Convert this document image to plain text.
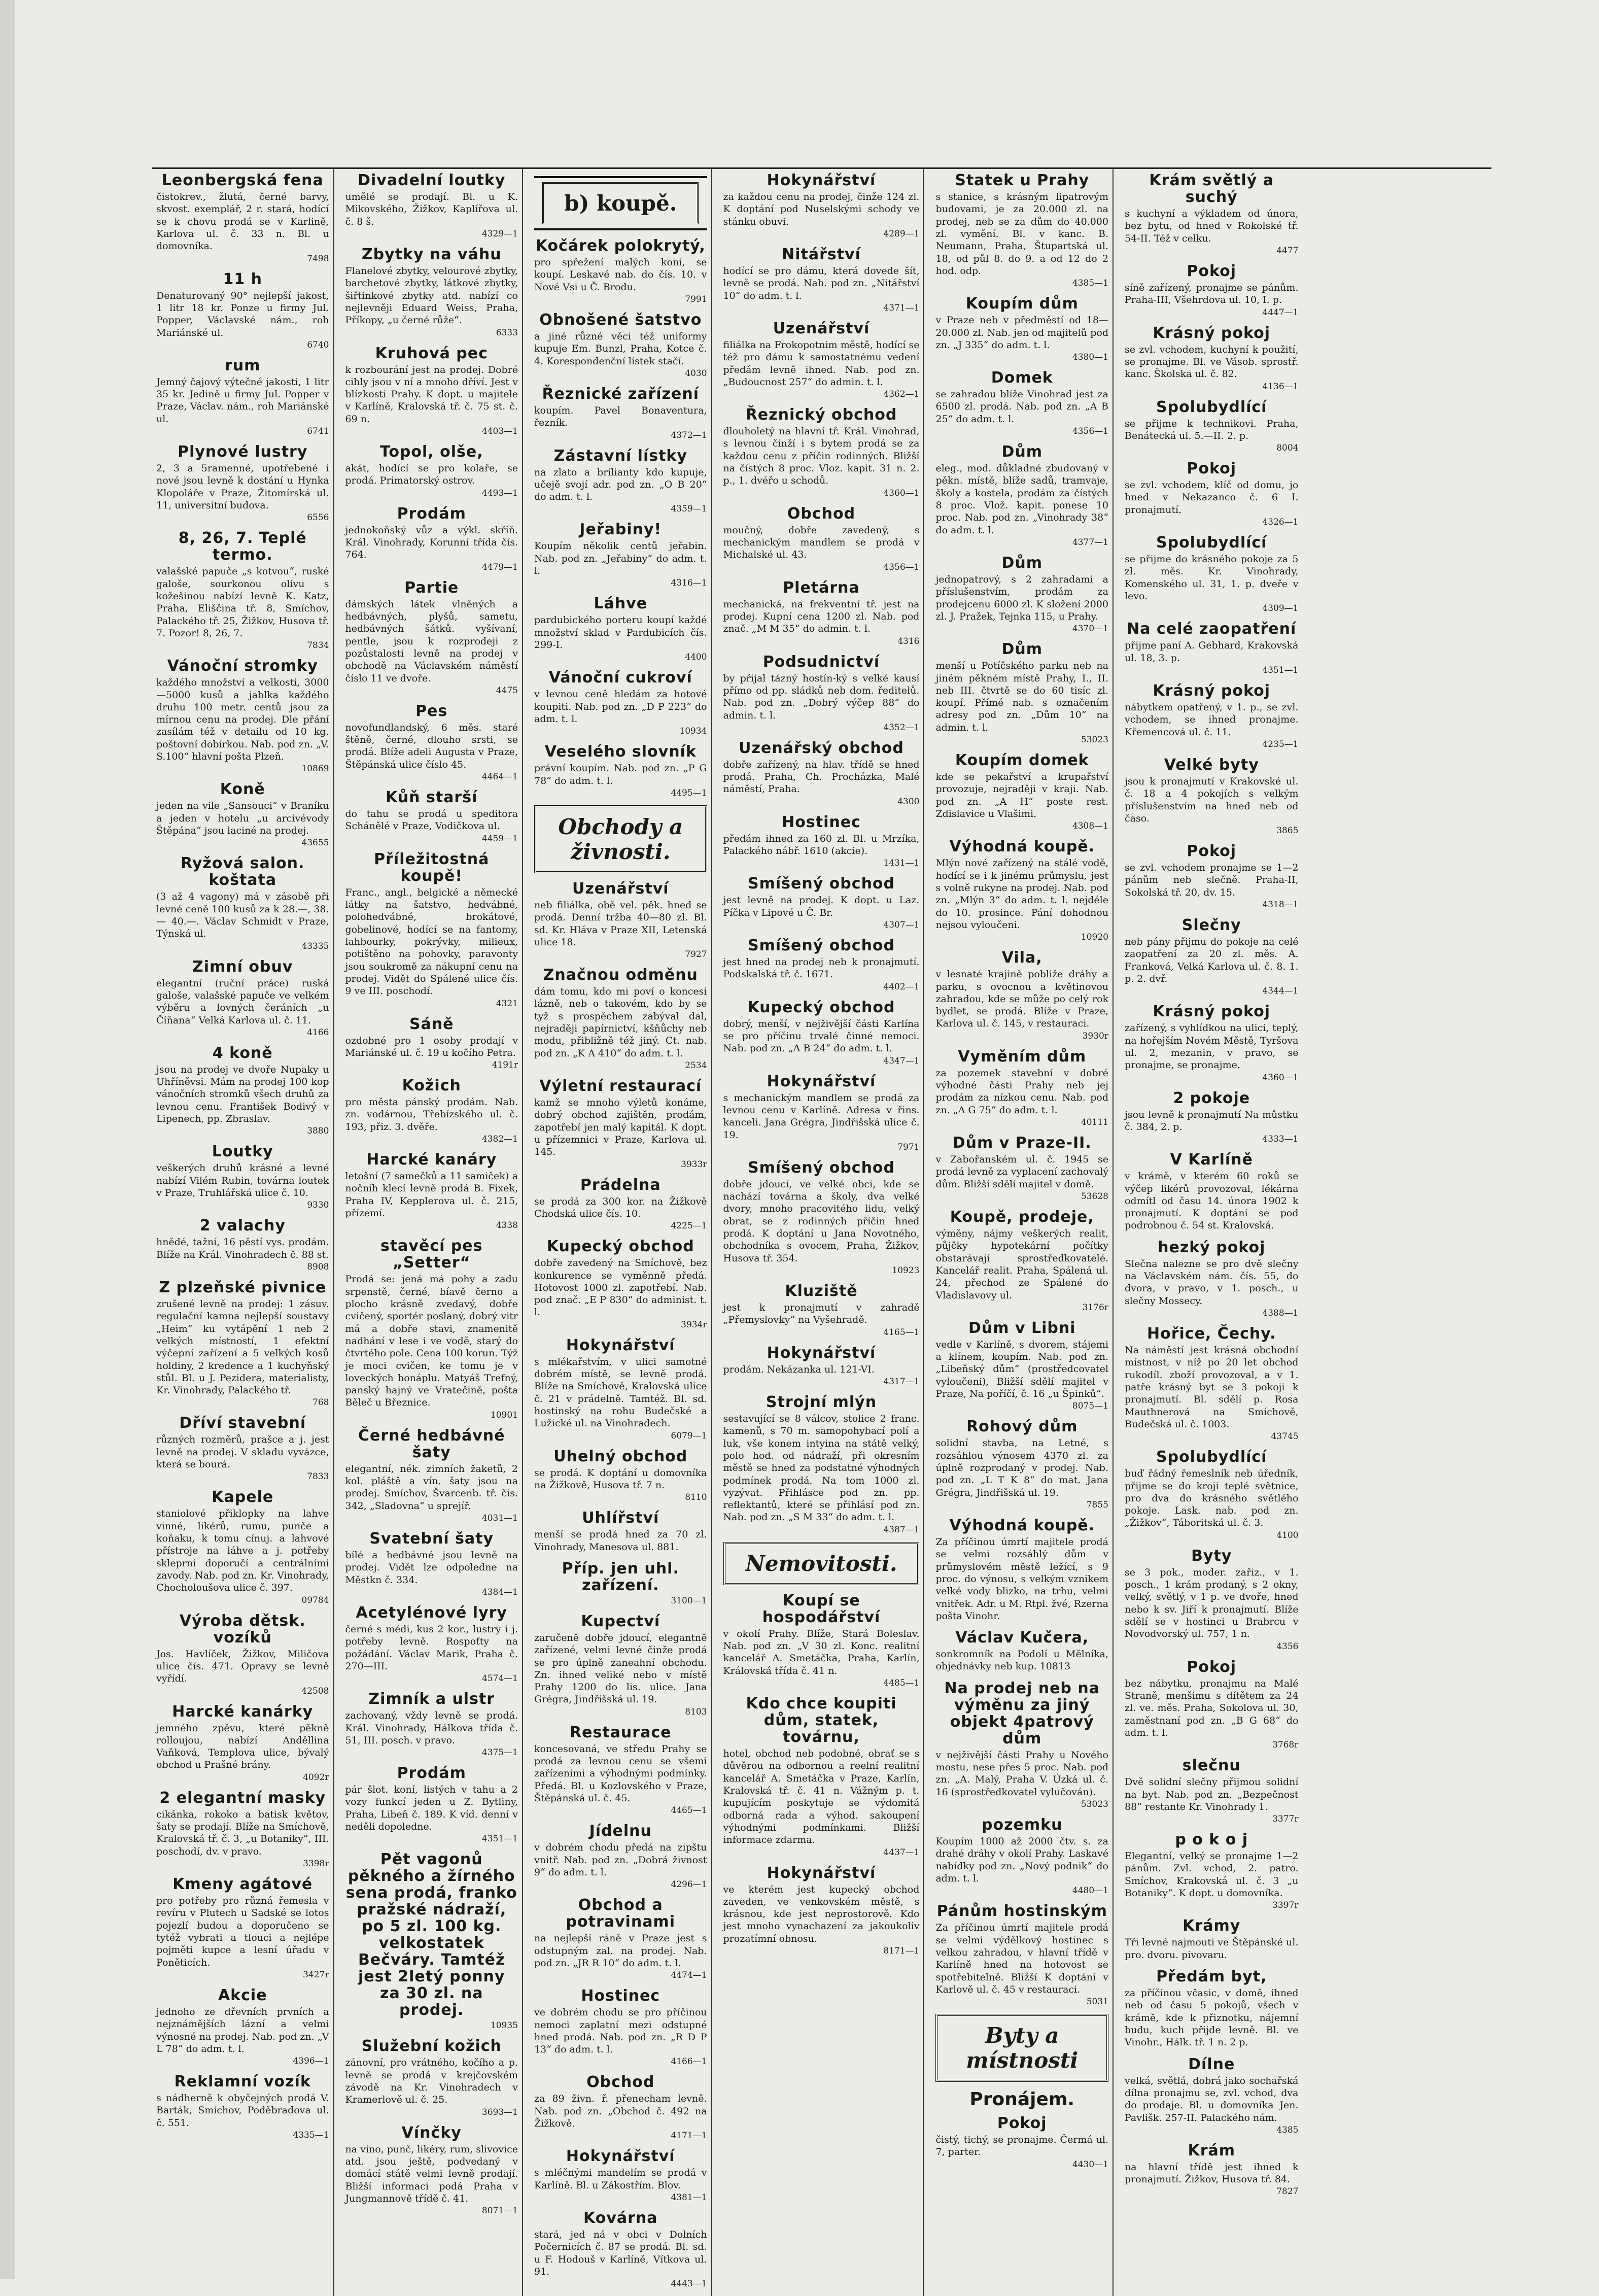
Leonbergská fena

čistokrev., žlutá, černé barvy, skvost. exemplář, 2 r. stará, hodící se k chovu prodá se v Karlině, Karlova ul. č. 33 n. Bl. u domovníka.

7498
11 h

Denaturovaný 90° nejlepší jakost, 1 litr 18 kr. Ponze u firmy Jul. Popper, Václavské nám., roh Mariánské ul.

6740
rum

Jemný čajový výtečné jakosti, 1 litr 35 kr. Jedině u firmy Jul. Popper v Praze, Václav. nám., roh Mariánské ul.

6741
Plynové lustry

2, 3 a 5ramenné, upotřebené i nové jsou levně k dostání u Hynka Klopoláře v Praze, Žitomírská ul. 11, universitní budova.

6556
8, 26, 7. Teplé termo.

valašské papuče „s kotvou“, ruské galoše, sourkonou olivu s kožešinou nabízí levně K. Katz, Praha, Eliščina tř. 8, Smíchov, Palackého tř. 25, Žižkov, Husova tř. 7. Pozor! 8, 26, 7.

7834
Vánoční stromky

každého množství a velkosti, 3000—5000 kusů a jablka každého druhu 100 metr. centů jsou za mírnou cenu na prodej. Dle přání zasílám též v detailu od 10 kg. poštovní dobírkou. Nab. pod zn. „V. S.100“ hlavní pošta Plzeň.

10869
Koně

jeden na vile „Sansouci“ v Braníku a jeden v hotelu „u arcivévody Štěpána“ jsou laciné na prodej.

43655
Ryžová salon. koštata

(3 až 4 vagony) má v zásobě při levné ceně 100 kusů za k 28.—, 38.— 40.—. Václav Schmidt v Praze, Týnská ul.

43335
Zimní obuv

elegantní (ruční práce) ruská galoše, valašské papuče ve velkém výběru a lovných čeráních „u Číňana“ Velká Karlova ul. č. 11.

4166
4 koně

jsou na prodej ve dvoře Nupaky u Uhříněvsi. Mám na prodej 100 kop vánočních stromků všech druhů za levnou cenu. František Bodivý v Lipenech, pp. Zbraslav.

3880
Loutky

veškerých druhů krásné a levné nabízí Vilém Rubin, továrna loutek v Praze, Truhlářská ulice č. 10.

9330
2 valachy

hnědé, tažní, 16 pěstí vys. prodám. Blíže na Král. Vinohradech č. 88 st.

8908
Z plzeňské pivnice

zrušené levně na prodej: 1 zásuv. regulační kamna nejlepší soustavy „Heim“ ku vytápění 1 neb 2 velkých místností, 1 efektní výčepní zařízení a 5 velkých kosů holdiny, 2 kredence a 1 kuchyňský stůl. Bl. u J. Pezidera, materialisty, Kr. Vinohrady, Palackého tř.

768
Dříví stavební

různých rozměrů, prašce a j. jest levně na prodej. V skladu vyvázce, která se bourá.

7833
Kapele

staniolové přiklopky na lahve vinné, likérů, rumu, punče a koňaku, k tomu cínuj. a lahvové přístroje na láhve a j. potřeby skleprní doporučí a centrálními zavody. Nab. pod zn. Kr. Vinohrady, Chocholoušova ulice č. 397.

09784
Výroba dětsk. vozíků

Jos. Havlíček, Žižkov, Miličova ulice čís. 471. Opravy se levně vyřídí.

42508
Harcké kanárky

jemného zpěvu, které pěkně rolloujou, nabízí Anděllina Vaňková, Templova ulice, bývalý obchod u Prašné brány.

4092r
2 elegantní masky

cikánka, rokoko a batisk květov, šaty se prodají. Blíže na Smíchově, Kralovská tř. č. 3, „u Botaniky“, III. poschodí, dv. v pravo.

3398r
Kmeny agátové

pro potřeby pro různá řemesla v revíru v Plutech u Sadské se lotos pojezlí budou a doporučeno se tytéž vybrati a tlouci a nejlépe pojměti kupce a lesní úřadu v Poněticích.

3427r
Akcie

jednoho ze dřevních prvních a nejznámějších lázní a velmi výnosné na prodej. Nab. pod zn. „V L 78“ do adm. t. l.

4396—1
Reklamní vozík

s nádherně k obyčejných prodá V. Barták, Smíchov, Poděbradova ul. č. 551.

4335—1
Divadelní loutky

umělé se prodají. Bl. u K. Mikovského, Žižkov, Kaplířova ul. č. 8 š.

4329—1
Zbytky na váhu

Flanelové zbytky, velourové zbytky, barchetové zbytky, látkové zbytky, šiřtinkové zbytky atd. nabízí co nejlevněji Eduard Weiss, Praha, Příkopy, „u černé růže“.

6333
Kruhová pec

k rozbourání jest na prodej. Dobré cihly jsou v ní a mnoho dříví. Jest v blízkosti Prahy. K dopt. u majitele v Karlíně, Kralovská tř. č. 75 st. č. 69 n.

4403—1
Topol, olše,

akát, hodící se pro kolaře, se prodá. Primatorský ostrov.

4493—1
Prodám

jednokoňský vůz a výkl. skříň. Král. Vinohrady, Korunní třída čís. 764.

4479—1
Partie

dámských látek vlněných a hedbávných, plyšů, sametu, hedbávných šátků. vyšívaní, pentle, jsou k rozprodeji z pozůstalosti levně na prodej v obchodě na Václavském náměstí číslo 11 ve dvoře.

4475
Pes

novofundlandský, 6 měs. staré štěně, černé, dlouho srsti, se prodá. Blíže adeli Augusta v Praze, Štěpánská ulice číslo 45.

4464—1
Kůň starší

do tahu se prodá u speditora Schánělé v Praze, Vodičkova ul.

4459—1
Příležitostná koupě!

Franc., angl., belgické a německé látky na šatstvo, hedvábné, polohedvábné, brokátové, gobelinové, hodící se na fantomy, lahbourky, pokrývky, milieux, potištěno na pohovky, paravonty jsou soukromě za nákupní cenu na prodej. Vidět do Spálené ulice čís. 9 ve III. poschodí.

4321
Sáně

ozdobné pro 1 osoby prodají v Mariánské ul. č. 19 u kočího Petra.

4191r
Kožich

pro města pánský prodám. Nab. zn. vodárnou, Třebízského ul. č. 193, přiz. 3. dvěře.

4382—1
Harcké kanáry

letošní (7 samečků a 11 samiček) a nočníh klecí levně prodá B. Fixek, Praha IV, Kepplerova ul. č. 215, přízemí.

4338
stavěcí pes „Setter“

Prodá se: jená má pohy a zadu srpenstě, černé, bíavě černo a plocho krásně zvedavý, dobře cvičený, sportér poslaný, dobrý vitr má a dobře stavi, znamenitě nadhání v lese i ve vodě, starý do čtvrtého pole. Cena 100 korun. Týž je moci cvičen, ke tomu je v loveckých honáplu. Matyáš Trefný, panský hajný ve Vratečině, pošta Běleč u Březnice.

10901
Černé hedbávné šaty

elegantní, nék. zimních žaketů, 2 kol. pláště a vín. šaty jsou na prodej. Smíchov, Švarcenb. tř. čís. 342, „Sladovna“ u sprejíř.

4031—1
Svatební šaty

bílé a hedbávné jsou levně na prodej. Vidět lze odpoledne na Městkn č. 334.

4384—1
Acetylénové lyry

černé s médi, kus 2 kor., lustry i j. potřeby levně. Rospoťty na požádání. Václav Marik, Praha č. 270—III.

4574—1
Zimník a ulstr

zachovaný, vždy levně se prodá. Král. Vinohrady, Hálkova třída č. 51, III. posch. v pravo.

4375—1
Prodám

pár šlot. koní, listých v tahu a 2 vozy funkcí jeden u Z. Bytliny, Praha, Libeň č. 189. K víd. denní v neděli dopoledne.

4351—1
Pět vagonů pěkného a žírného sena prodá, franko pražské nádraží, po 5 zl. 100 kg. velkostatek Bečváry. Tamtéž jest 2letý ponny za 30 zl. na prodej.
10935
Služební kožich

zánovní, pro vrátného, kočího a p. levně se prodá v krejčovském závodě na Kr. Vinohradech v Kramerlově ul. č. 25.

3693—1
Vínčky

na víno, punč, likéry, rum, slivovice atd. jsou ještě, podvedaný v domácí státě velmi levně prodají. Bližší informaci podá Praha v Jungmannově třídě č. 41.

8071—1
b) koupě.
Kočárek polokrytý,

pro spřežení malých koní, se koupí. Leskavé nab. do čís. 10. v Nové Vsi u Č. Brodu.

7991
Obnošené šatstvo

a jiné různé věci též uniformy kupuje Em. Bunzl, Praha, Kotce č. 4. Korespondenční lístek stačí.

4030
Řeznické zařízení

koupím. Pavel Bonaventura, řezník.

4372—1
Zástavní lístky

na zlato a brilianty kdo kupuje, učejě svojí adr. pod zn. „O B 20“ do adm. t. l.

4359—1
Jeřabiny!

Koupím několik centů jeřabin. Nab. pod zn. „Jeřabiny“ do adm. t. l.

4316—1
Láhve

pardubického porteru koupí každé množství sklad v Pardubicích čís. 299-I.

4400
Vánoční cukroví

v levnou ceně hledám za hotové koupiti. Nab. pod zn. „D P 223“ do adm. t. l.

10934
Veselého slovník

právní koupím. Nab. pod zn. „P G 78“ do adm. t. l.

4495—1
Obchody a živnosti.
Uzenářství

neb filiálka, obě vel. pěk. hned se prodá. Denní tržba 40—80 zl. Bl. sd. Kr. Hláva v Praze XII, Letenská ulice 18.

7927
Značnou odměnu

dám tomu, kdo mi poví o koncesi lázně, neb o takovém, kdo by se tyž s prospěchem zabýval dal, nejraději papírnictví, kšňůchy neb modu, přibližně též jiný. Ct. nab. pod zn. „K A 410“ do adm. t. l.

2534
Výletní restaurací

kamž se mnoho výletů konáme, dobrý obchod zajištěn, prodám, zapotřebí jen malý kapitál. K dopt. u přízemnici v Praze, Karlova ul. 145.

3933r
Prádelna

se prodá za 300 kor. na Žižkově Chodská ulice čís. 10.

4225—1
Kupecký obchod

dobře zavedený na Smíchově, bez konkurence se vyměnně předá. Hotovost 1000 zl. zapotřebí. Nab. pod znač. „E P 830“ do administ. t. l.

3934r
Hokynářství

s mlékařstvím, v ulici samotné dobrém místě, se levně prodá. Blíže na Smíchově, Kralovská ulice č. 21 v prádelně. Tamtéž. Bl. sd. hostinský na rohu Budečské a Lužické ul. na Vinohradech.

6079—1
Uhelný obchod

se prodá. K doptání u domovníka na Žižkově, Husova tř. 7 n.

8110
Uhlířství

menší se prodá hned za 70 zl. Vinohrady, Manesova ul. 881.

Příp. jen uhl. zařízení.
3100—1
Kupectví

zaručeně dobře jdoucí, elegantně zařízené, velmi levné činže prodá se pro úplně zaneahní obchodu. Zn. ihned veliké nebo v místě Prahy 1200 do lis. ulice. Jana Grégra, Jindřišská ul. 19.

8103
Restaurace

koncesovaná, ve středu Prahy se prodá za levnou cenu se všemi zařízeními a výhodnými podmínky. Předá. Bl. u Kozlovského v Praze, Štěpánská ul. č. 45.

4465—1
Jídelnu

v dobrém chodu předá na zipštu vnitř. Nab. pod zn. „Dobrá živnost 9“ do adm. t. l.

4296—1
Obchod a potravinami

na nejlepší ráně v Praze jest s odstupným zal. na prodej. Nab. pod zn. „JR R 10“ do adm. t. l.

4474—1
Hostinec

ve dobrém chodu se pro příčinou nemoci zaplatní mezi odstupné hned prodá. Nab. pod zn. „R D P 13“ do adm. t. l.

4166—1
Obchod

za 89 živn. ř. přenecham levně. Nab. pod zn. „Obchod č. 492 na Žižkově.

4171—1
Hokynářství

s mléčnými mandelím se prodá v Karlíně. Bl. u Zákostřím. Blov.

4381—1
Kovárna

stará, jed ná v obci v Dolních Počernicích č. 87 se prodá. Bl. sd. u F. Hodouš v Karlíně, Vítkova ul. 91.

4443—1
Hokynářství

za každou cenu na prodej, činže 124 zl. K doptání pod Nuselskými schody ve stánku obuvi.

4289—1
Nitářství

hodící se pro dámu, která dovede šít, levně se prodá. Nab. pod zn. „Nitářství 10“ do adm. t. l.

4371—1
Uzenářství

filiálka na Frokopotnim městě, hodící se též pro dámu k samostatnému vedení předám levně ihned. Nab. pod zn. „Budoucnost 257“ do admin. t. l.

4362—1
Řeznický obchod

dlouholetý na hlavní tř. Král. Vinohrad, s levnou činží i s bytem prodá se za každou cenu z příčin rodinných. Bližší na čístých 8 proc. Vloz. kapit. 31 n. 2. p., 1. dvéřo u schodů.

4360—1
Obchod

moučný, dobře zavedený, s mechanickým mandlem se prodá v Michalské ul. 43.

4356—1
Pletárna

mechanická, na frekventní tř. jest na prodej. Kupní cena 1200 zl. Nab. pod znač. „M M 35“ do admin. t. l.

4316
Podsudnictví

by přijal tázný hostín-ký s velké kausí přímo od pp. sládků neb dom. ředitelů. Nab. pod zn. „Dobrý výčep 88“ do admin. t. l.

4352—1
Uzenářský obchod

dobře zařízený, na hlav. třídě se hned prodá. Praha, Ch. Procházka, Malé náměstí, Praha.

4300
Hostinec

předám ihned za 160 zl. Bl. u Mrzíka, Palackého nábř. 1610 (akcie).

1431—1
Smíšený obchod

jest levně na prodej. K dopt. u Laz. Píčka v Lipové u Č. Br.

4307—1
Smíšený obchod

jest hned na prodej neb k pronajmutí. Podskalská tř. č. 1671.

4402—1
Kupecký obchod

dobrý, menší, v nejživější části Karlína se pro příčinu trvalé činné nemoci. Nab. pod zn. „A B 24“ do adm. t. l.

4347—1
Hokynářství

s mechanickým mandlem se prodá za levnou cenu v Karlíně. Adresa v řins. kanceli. Jana Grégra, Jindřišská ulice č. 19.

7971
Smíšený obchod

dobře jdoucí, ve velké obci, kde se nachází továrna a školy, dva velké dvory, mnoho pracovitého lidu, velký obrat, se z rodinných příčin hned prodá. K doptání u Jana Novotného, obchodníka s ovocem, Praha, Žižkov, Husova tř. 354.

10923
Kluziště

jest k pronajmutí v zahradě „Přemyslovky“ na Vyšehradě.

4165—1
Hokynářství

prodám. Nekázanka ul. 121-VI.

4317—1
Strojní mlýn

sestavující se 8 válcov, stolice 2 franc. kamenů, s 70 m. samopohybací polí a luk, vše konem intyina na státě velký, polo hod. od nádraží, při okresním městě se hned za podstatné výhodných podmínek prodá. Na tom 1000 zl. vyzývat. Přihlásce pod zn. pp. reflektantů, které se přihlásí pod zn. Nab. pod zn. „S M 33“ do adm. t. l.

4387—1
Nemovitosti.
Koupí se hospodářství

v okolí Prahy. Blíže, Stará Boleslav. Nab. pod zn. „V 30 zl. Konc. realitní kancelář A. Smetáčka, Praha, Karlín, Královská třída č. 41 n.

4485—1
Kdo chce koupiti dům, statek, továrnu,

hotel, obchod neb podobné, obrať se s důvěrou na odbornou a reelní realitní kancelář A. Smetáčka v Praze, Karlín, Kralovská tř. č. 41 n. Vážným p. t. kupujícím poskytuje se výdomitá odborná rada a výhod. sakoupení výhodnými podmínkami. Bližší informace zdarma.

4437—1
Hokynářství

ve kterém jest kupecký obchod zaveden, ve venkovském městě, s krásnou, kde jest neprostorově. Kdo jest mnoho vynachazení za jakoukoliv prozatímní obnosu.

8171—1
Statek u Prahy

s stanice, s krásným lipatrovým budovami, je za 20.000 zl. na prodej, neb se za dům do 40.000 zl. vymění. Bl. v kanc. B. Neumann, Praha, Štupartská ul. 18, od půl 8. do 9. a od 12 do 2 hod. odp.

4385—1
Koupím dům

v Praze neb v předměstí od 18—20.000 zl. Nab. jen od majitelů pod zn. „J 335“ do adm. t. l.

4380—1
Domek

se zahradou blíže Vinohrad jest za 6500 zl. prodá. Nab. pod zn. „A B 25“ do adm. t. l.

4356—1
Dům

eleg., mod. důkladné zbudovaný v pěkn. místě, blíže sadů, tramvaje, školy a kostela, prodám za čístých 8 proc. Vlož. kapit. ponese 10 proc. Nab. pod zn. „Vinohrady 38“ do adm. t. l.

4377—1
Dům

jednopatrový, s 2 zahradami a příslušenstvím, prodám za prodejcenu 6000 zl. K složení 2000 zl. J. Pražek, Tejnka 115, u Prahy.

4370—1
Dům

menší u Potíčského parku neb na jiném pěkném místě Prahy, I., II. neb III. čtvrtě se do 60 tisíc zl. koupí. Přímé nab. s označením adresy pod zn. „Dům 10“ na admin. t. l.

53023
Koupím domek

kde se pekařství a krupařství provozuje, nejraději v kraji. Nab. pod zn. „A H“ poste rest. Zdislavice u Vlašimi.

4308—1
Výhodná koupě.

Mlýn nové zařízený na stálé vodě, hodící se i k jinému průmyslu, jest s volně rukyne na prodej. Nab. pod zn. „Mlýn 3“ do adm. t. l. nejdéle do 10. prosince. Pání dohodnou nejsou vyloučeni.

10920
Vila,

v lesnaté krajině pobliže dráhy a parku, s ovocnou a květinovou zahradou, kde se může po celý rok bydlet, se prodá. Blíže v Praze, Karlova ul. č. 145, v restauraci.

3930r
Vyměním dům

za pozemek stavební v dobré výhodné části Prahy neb jej prodám za nízkou cenu. Nab. pod zn. „A G 75“ do adm. t. l.

40111
Dům v Praze-II.

v Zabořanském ul. č. 1945 se prodá levně za vyplacení zachovalý dům. Bližší sdělí majitel v domě.

53628
Koupě, prodeje,

výměny, nájmy veškerých realit, půjčky hypotekární počítky obstarávají sprostředkovatelé. Kancelář realit. Praha, Spálená ul. 24, přechod ze Spálené do Vladislavovy ul.

3176r
Dům v Libni

vedle v Karlíně, s dvorem, stájemi a klínem, koupím. Nab. pod zn. „Libeňský dům“ (prostředcovatel vyloučeni), Bližší sdělí majitel v Praze, Na poříčí, č. 16 „u Špinků“.

8075—1
Rohový dům

solidní stavba, na Letné, s rozsáhlou výnosem 4370 zl. za úplně rozprodaný v prodej. Nab. pod zn. „L T K 8“ do mat. Jana Grégra, Jindřišská ul. 19.

7855
Výhodná koupě.

Za příčinou úmrtí majitele prodá se velmi rozsáhlý dům v průmyslovém městě ležící, s 9 proc. do výnosu, s velkým vznikem velké vody blizko, na trhu, velmi vnitřek. Adr. u M. Rtpl. žvé, Rzerna pošta Vinohr.

Václav Kučera,

sonkromník na Podolí u Mělníka, objednávky neb kup. 10813

Na prodej neb na výměnu za jiný objekt 4patrový dům

v nejživější části Prahy u Nového mostu, nese přes 5 proc. Nab. pod zn. „A. Malý, Praha V. Úzká ul. č. 16 (sprostředkovatel vylučován).

53023
pozemku

Koupím 1000 až 2000 čtv. s. za drahé dráhy v okolí Prahy. Laskavé nabídky pod zn. „Nový podnik“ do adm. t. l.

4480—1
Pánům hostinským

Za příčinou úmrtí majitele prodá se velmi výdělkový hostinec s velkou zahradou, v hlavní třídě v Karlíně hned na hotovost se spotřebitelně. Bližší K doptání v Karlově ul. č. 45 v restauraci.

5031
Byty a místnosti
Pronájem.
Pokoj

čistý, tichý, se pronajme. Čermá ul. 7, parter.

4430—1
Krám světlý a suchý

s kuchyní a výkladem od února, bez bytu, od hned v Rokolské tř. 54-II. Též v celku.

4477
Pokoj

síně zařízený, pronajme se pánům. Praha-III, Všehrdova ul. 10, I. p.

4447—1
Krásný pokoj

se zvl. vchodem, kuchyní k použití, se pronajme. Bl. ve Vásob. sprostř. kanc. Školska ul. č. 82.

4136—1
Spolubydlící

se přijme k technikovi. Praha, Benátecká ul. 5.—II. 2. p.

8004
Pokoj

se zvl. vchodem, klíč od domu, jo hned v Nekazanco č. 6 I. pronajmutí.

4326—1
Spolubydlící

se přijme do krásného pokoje za 5 zl. měs. Kr. Vinohrady, Komenského ul. 31, 1. p. dveře v levo.

4309—1
Na celé zaopatření

přijme paní A. Gebhard, Krakovská ul. 18, 3. p.

4351—1
Krásný pokoj

nábytkem opatřený, v 1. p., se zvl. vchodem, se ihned pronajme. Křemencová ul. č. 11.

4235—1
Velké byty

jsou k pronajmutí v Krakovské ul. č. 18 a 4 pokojích s velkým příslušenstvím na hned neb od časo.

3865
Pokoj

se zvl. vchodem pronajme se 1—2 pánům neb slečně. Praha-II, Sokolská tř. 20, dv. 15.

4318—1
Slečny

neb pány přijmu do pokoje na celé zaopatření za 20 zl. měs. A. Franková, Velká Karlova ul. č. 8. 1. p. 2. dvř.

4344—1
Krásný pokoj

zařízený, s vyhlídkou na ulici, teplý, na hořejším Novém Městě, Tyršova ul. 2, mezanin, v pravo, se pronajme, se pronajme.

4360—1
2 pokoje

jsou levně k pronajmutí Na můstku č. 384, 2. p.

4333—1
V Karlíně

v krámě, v kterém 60 roků se výčep likérů provozoval, lékárna odmítl od času 14. února 1902 k pronajmutí. K doptání se pod podrobnou č. 54 st. Kralovská.

hezký pokoj

Slečna nalezne se pro dvě slečny na Václavském nám. čís. 55, do dvora, v pravo, v 1. posch., u slečny Mossecy.

4388—1
Hořice, Čechy.

Na náměstí jest krásná obchodní místnost, v níž po 20 let obchod rukodíl. zboží provozoval, a v 1. patře krásný byt se 3 pokoji k pronajmutí. Bl. sdělí p. Rosa Mauthnerová na Smíchově, Budečská ul. č. 1003.

43745
Spolubydlící

buď řádný řemeslník neb úředník, přijme se do kroji teplé světnice, pro dva do krásného světlého pokoje. Lask. nab. pod zn. „Žižkov“, Táboritská ul. č. 3.

4100
Byty

se 3 pok., moder. zařiz., v 1. posch., 1 krám prodaný, s 2 okny, velký, světlý, v 1 p. ve dvoře, hned nebo k sv. Jiří k pronajmutí. Blíže sdělí se v hostinci u Brabrcu v Novodvorský ul. 757, 1 n.

4356
Pokoj

bez nábytku, pronajmu na Malé Straně, menšimu s dítětem za 24 zl. ve. měs. Praha, Sokolova ul. 30, zaměstnaní pod zn. „B G 68“ do adm. t. l.

3768r
slečnu

Dvě solidní slečny přijmou solidní na byt. Nab. pod zn. „Bezpečnost 88“ restante Kr. Vinohrady 1.

3377r
p o k o j

Elegantní, velký se pronajme 1—2 pánům. Zvl. vchod, 2. patro. Smíchov, Krakovská ul. č. 3 „u Botaniky“. K dopt. u domovníka.

3397r
Krámy

Tři levné najmouti ve Štěpánské ul. pro. dvoru. pivovaru.

Předám byt,

za příčinou včasic, v domě, ihned neb od času 5 pokojů, všech v krámě, kde k přiznotku, nájemní budu, kuch přijde levně. Bl. ve Vinohr., Hálk. tř. 1 n. 2 p.

Dílne

velká, světlá, dobrá jako sochařská dílna pronajmu se, zvl. vchod, dva do prodaje. Bl. u domovníka Jen. Pavlišk. 257-II. Palackého nám.

4385
Krám

na hlavní třídě jest ihned k pronajmutí. Žižkov, Husova tř. 84.

7827
